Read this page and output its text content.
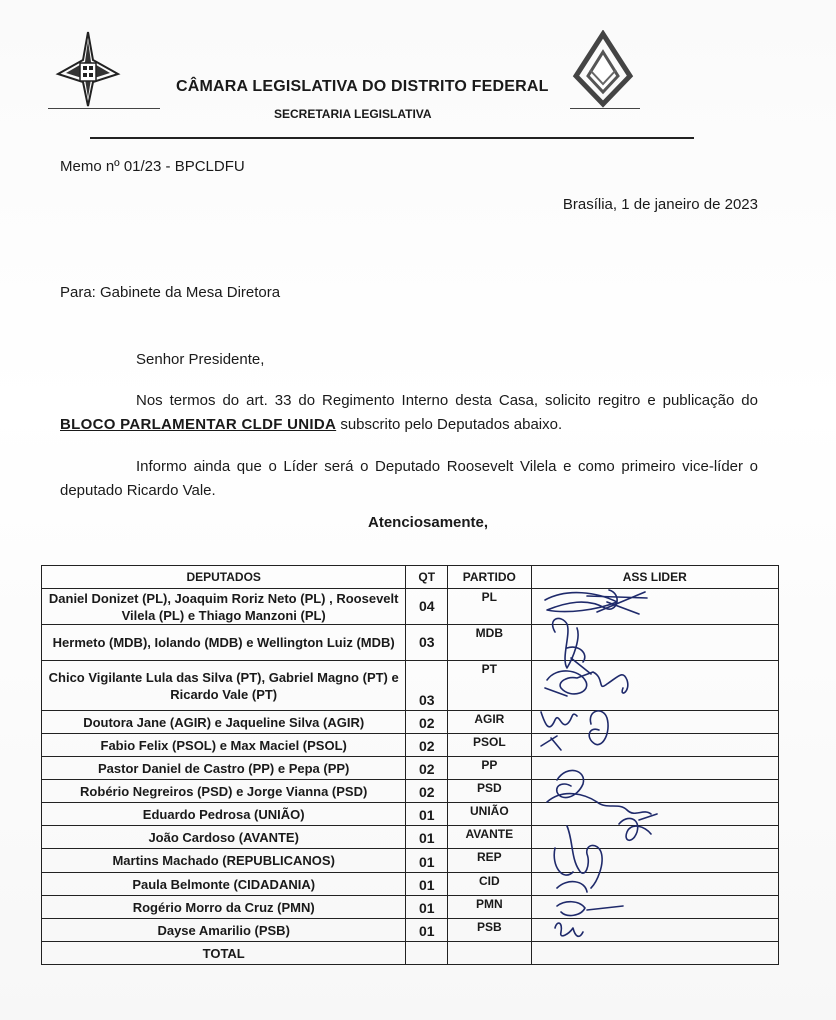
CÂMARA LEGISLATIVA DO DISTRITO FEDERAL
SECRETARIA LEGISLATIVA
Memo nº 01/23 - BPCLDFU
Brasília, 1 de janeiro de 2023
Para: Gabinete da Mesa Diretora
Senhor Presidente,
Nos termos do art. 33 do Regimento Interno desta Casa, solicito regitro e publicação do BLOCO PARLAMENTAR CLDF UNIDA subscrito pelo Deputados abaixo.
Informo ainda que o Líder será o Deputado Roosevelt Vilela e como primeiro vice-líder o deputado Ricardo Vale.
Atenciosamente,
DEPUTADOS	QT	PARTIDO	ASS LIDER
Daniel Donizet (PL), Joaquim Roriz Neto (PL) , Roosevelt Vilela (PL) e Thiago Manzoni (PL)	04	PL	
Hermeto (MDB), Iolando (MDB) e Wellington Luiz (MDB)	03	MDB	
Chico Vigilante Lula das Silva (PT), Gabriel Magno (PT) e Ricardo Vale (PT)	03	PT	
Doutora Jane (AGIR) e Jaqueline Silva (AGIR)	02	AGIR	
Fabio Felix (PSOL) e Max Maciel (PSOL)	02	PSOL	
Pastor Daniel de Castro (PP) e Pepa (PP)	02	PP	
Robério Negreiros (PSD) e Jorge Vianna (PSD)	02	PSD	
Eduardo Pedrosa (UNIÃO)	01	UNIÃO	
João Cardoso (AVANTE)	01	AVANTE	
Martins Machado (REPUBLICANOS)	01	REP	
Paula Belmonte (CIDADANIA)	01	CID	
Rogério Morro da Cruz (PMN)	01	PMN	
Dayse Amarilio (PSB)	01	PSB	
TOTAL			
